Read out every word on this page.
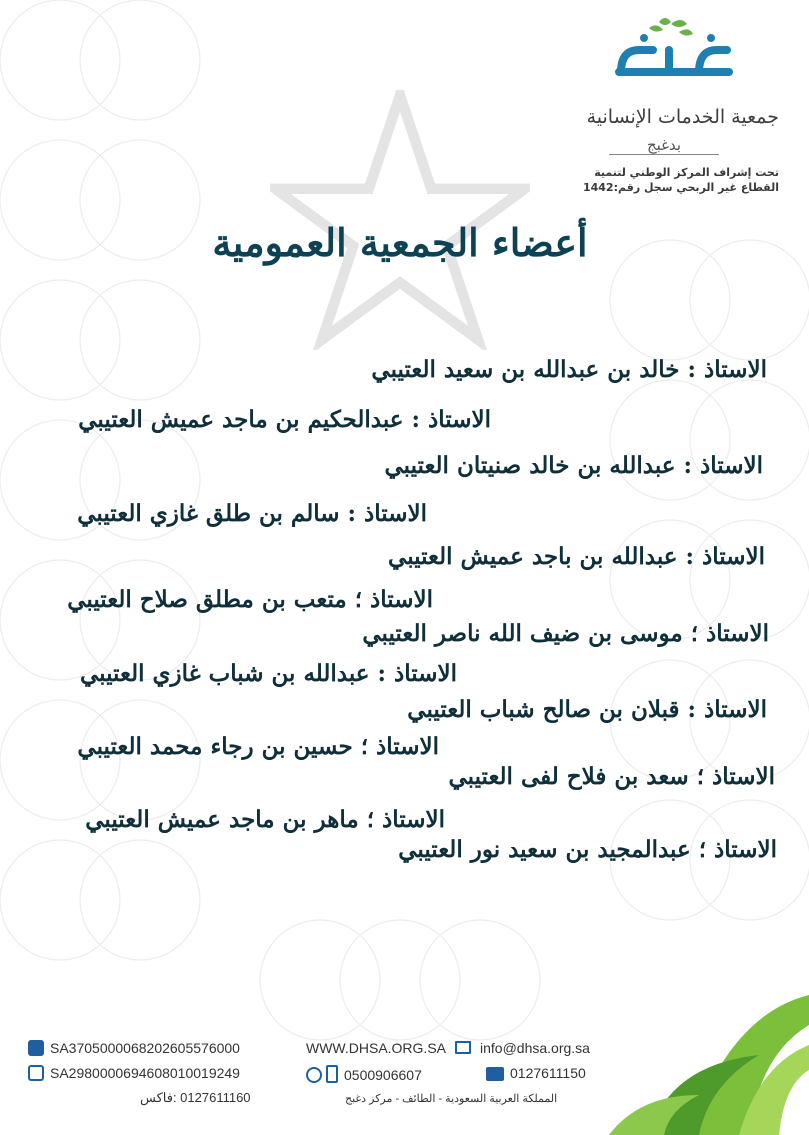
جمعية الخدمات الإنسانية
بدغبج
تحت إشراف المركز الوطني لتنمية
القطاع غير الربحي سجل رقم:1442
أعضاء الجمعية العمومية
الاستاذ : خالد بن عبدالله بن سعيد العتيبي
الاستاذ : عبدالحكيم بن ماجد عميش العتيبي
الاستاذ : عبدالله بن خالد صنيتان العتيبي
الاستاذ : سالم بن طلق غازي العتيبي
الاستاذ : عبدالله بن باجد عميش العتيبي
الاستاذ ؛ متعب بن مطلق صلاح العتيبي
الاستاذ ؛ موسى بن ضيف الله ناصر العتيبي
الاستاذ : عبدالله بن شباب غازي العتيبي
الاستاذ : قبلان بن صالح شباب العتيبي
الاستاذ ؛ حسين بن رجاء محمد العتيبي
الاستاذ ؛ سعد بن فلاح لفى العتيبي
الاستاذ ؛ ماهر بن ماجد عميش العتيبي
الاستاذ ؛ عبدالمجيد بن سعيد نور العتيبي
SA3705000068202605576000
SA2980000694608010019249
0127611160 :فاكس
WWW.DHSA.ORG.SA
0500906607
المملكة العربية السعودية - الطائف - مركز دغبج
info@dhsa.org.sa
0127611150
